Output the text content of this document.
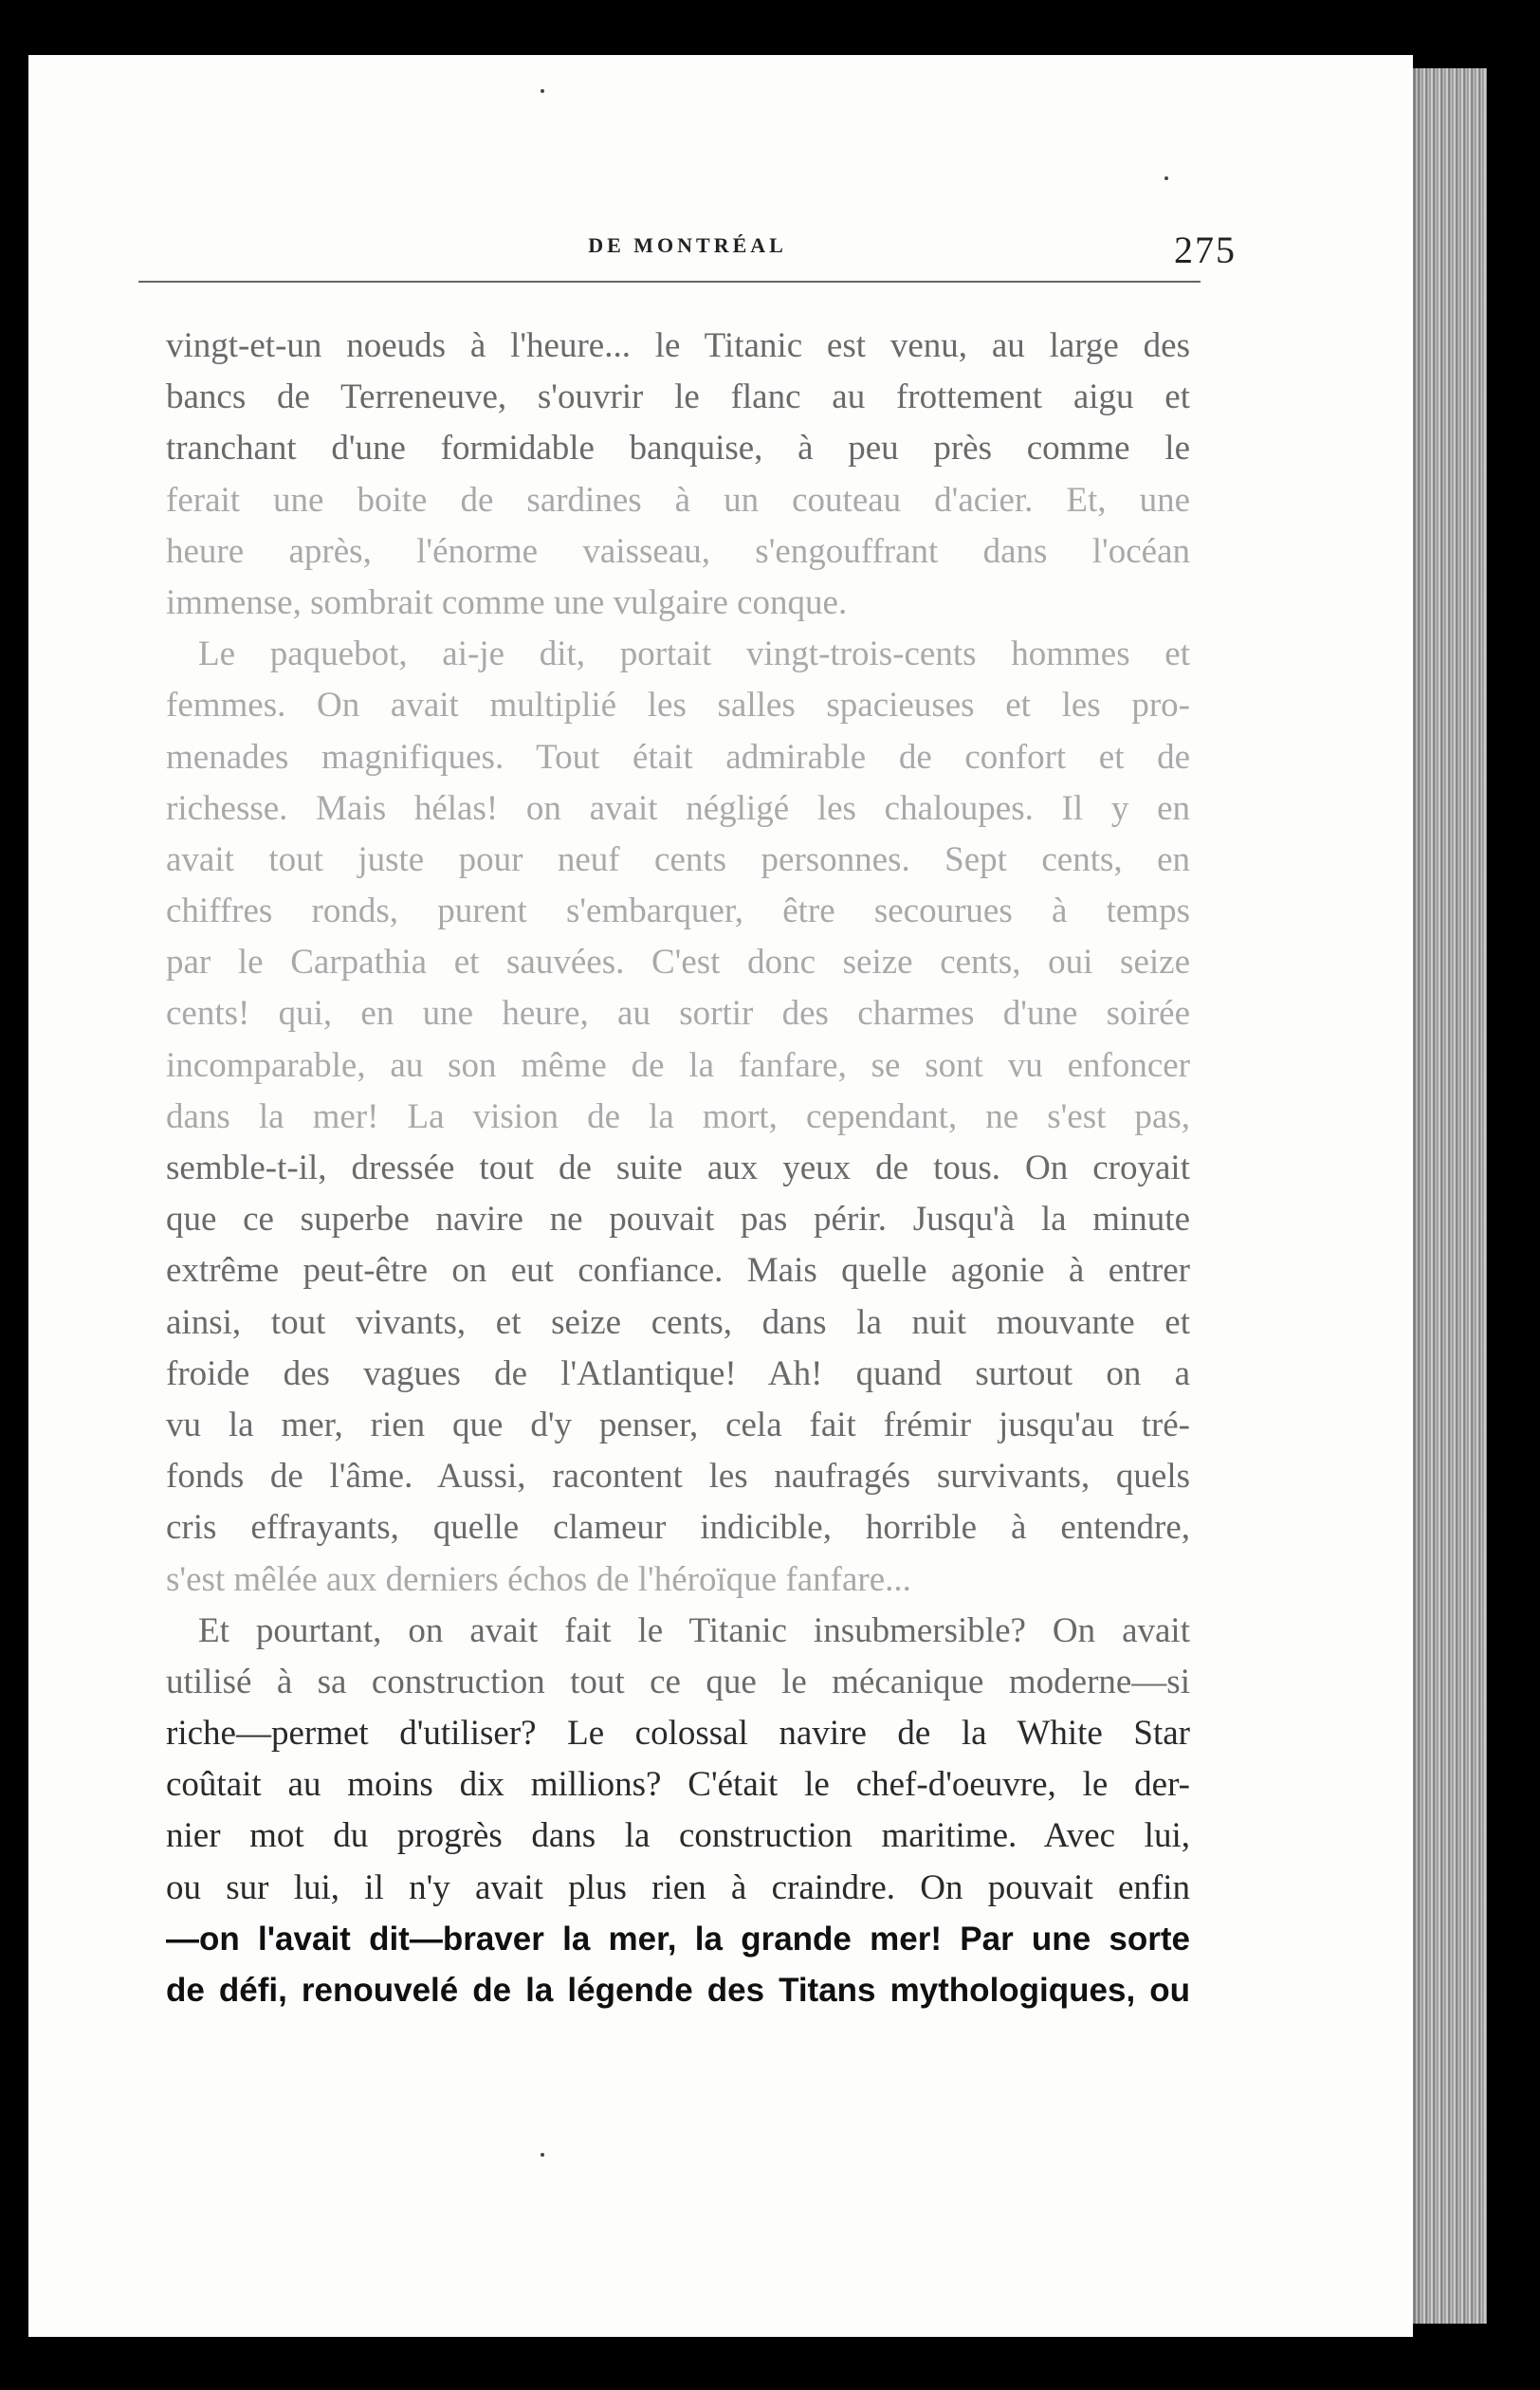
DE MONTRÉAL	275
vingt-et-un noeuds à l'heure... le Titanic est venu, au large des
bancs de Terreneuve, s'ouvrir le flanc au frottement aigu et
tranchant d'une formidable banquise, à peu près comme le
ferait une boite de sardines à un couteau d'acier. Et, une
heure après, l'énorme vaisseau, s'engouffrant dans l'océan
immense, sombrait comme une vulgaire conque.
Le paquebot, ai-je dit, portait vingt-trois-cents hommes et
femmes. On avait multiplié les salles spacieuses et les pro-
menades magnifiques. Tout était admirable de confort et de
richesse. Mais hélas! on avait négligé les chaloupes. Il y en
avait tout juste pour neuf cents personnes. Sept cents, en
chiffres ronds, purent s'embarquer, être secourues à temps
par le Carpathia et sauvées. C'est donc seize cents, oui seize
cents! qui, en une heure, au sortir des charmes d'une soirée
incomparable, au son même de la fanfare, se sont vu enfoncer
dans la mer! La vision de la mort, cependant, ne s'est pas,
semble-t-il, dressée tout de suite aux yeux de tous. On croyait
que ce superbe navire ne pouvait pas périr. Jusqu'à la minute
extrême peut-être on eut confiance. Mais quelle agonie à entrer
ainsi, tout vivants, et seize cents, dans la nuit mouvante et
froide des vagues de l'Atlantique! Ah! quand surtout on a
vu la mer, rien que d'y penser, cela fait frémir jusqu'au tré-
fonds de l'âme. Aussi, racontent les naufragés survivants, quels
cris effrayants, quelle clameur indicible, horrible à entendre,
s'est mêlée aux derniers échos de l'héroïque fanfare...
Et pourtant, on avait fait le Titanic insubmersible? On avait
utilisé à sa construction tout ce que le mécanique moderne—si
riche—permet d'utiliser? Le colossal navire de la White Star
coûtait au moins dix millions? C'était le chef-d'oeuvre, le der-
nier mot du progrès dans la construction maritime. Avec lui,
ou sur lui, il n'y avait plus rien à craindre. On pouvait enfin
—on l'avait dit—braver la mer, la grande mer! Par une sorte
de défi, renouvelé de la légende des Titans mythologiques, ou
